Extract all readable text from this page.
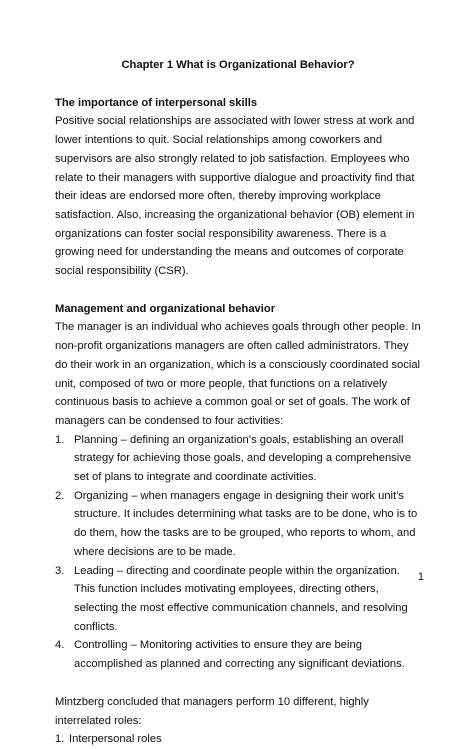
Chapter 1 What is Organizational Behavior?
The importance of interpersonal skills

Positive social relationships are associated with lower stress at work and lower intentions to quit. Social relationships among coworkers and supervisors are also strongly related to job satisfaction. Employees who relate to their managers with supportive dialogue and proactivity find that their ideas are endorsed more often, thereby improving workplace satisfaction. Also, increasing the organizational behavior (OB) element in organizations can foster social responsibility awareness. There is a growing need for understanding the means and outcomes of corporate social responsibility (CSR).

Management and organizational behavior

The manager is an individual who achieves goals through other people. In non-profit organizations managers are often called administrators. They do their work in an organization, which is a consciously coordinated social unit, composed of two or more people, that functions on a relatively continuous basis to achieve a common goal or set of goals. The work of managers can be condensed to four activities:

1. Planning – defining an organization’s goals, establishing an overall strategy for achieving those goals, and developing a comprehensive set of plans to integrate and coordinate activities.
2. Organizing – when managers engage in designing their work unit’s structure. It includes determining what tasks are to be done, who is to do them, how the tasks are to be grouped, who reports to whom, and where decisions are to be made.
3. Leading – directing and coordinate people within the organization. This function includes motivating employees, directing others, selecting the most effective communication channels, and resolving conflicts.
4. Controlling – Monitoring activities to ensure they are being accomplished as planned and correcting any significant deviations.

Mintzberg concluded that managers perform 10 different, highly interrelated roles:

1. Interpersonal roles
1
